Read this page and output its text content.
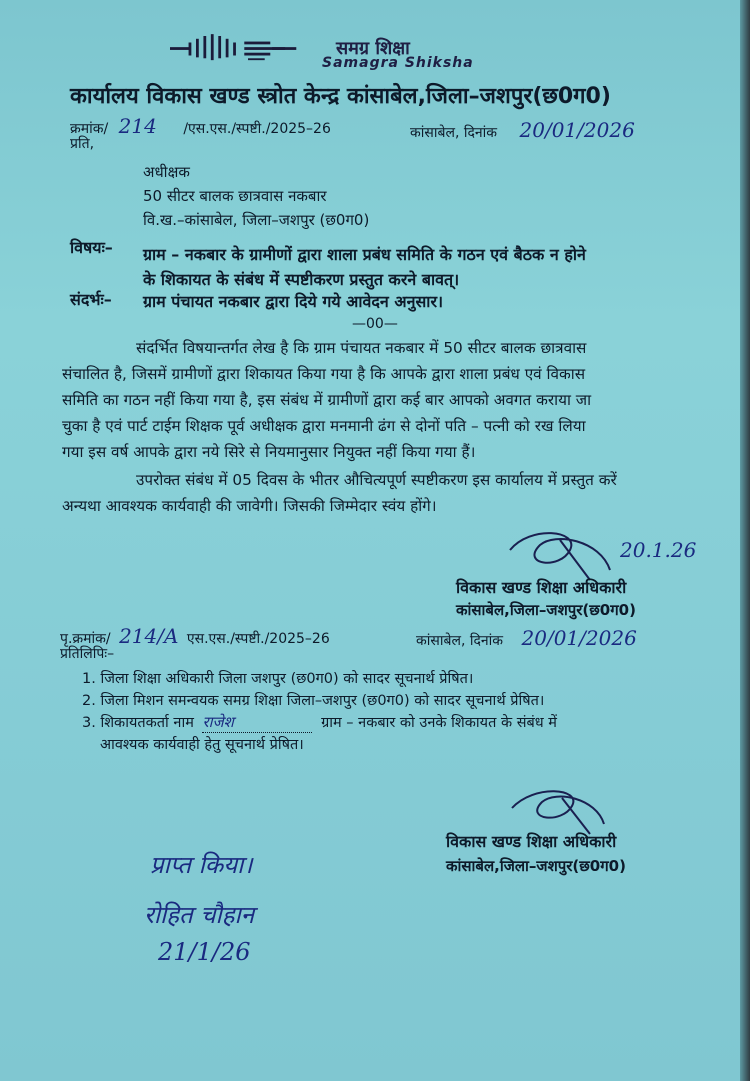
समग्र शिक्षा
Samagra Shiksha
कार्यालय विकास खण्ड स्त्रोत केन्द्र कांसाबेल,जिला–जशपुर(छ0ग0)
क्रमांक/ 214 /एस.एस./स्पष्टी./2025–26	कांसाबेल, दिनांक 20/01/2026
प्रति,
अधीक्षक
50 सीटर बालक छात्रवास नकबार
वि.ख.–कांसाबेल, जिला–जशपुर (छ0ग0)
विषयः– ग्राम – नकबार के ग्रामीणों द्वारा शाला प्रबंध समिति के गठन एवं बैठक न होने
के शिकायत के संबंध में स्पष्टीकरण प्रस्तुत करने बावत्।
संदर्भः– ग्राम पंचायत नकबार द्वारा दिये गये आवेदन अनुसार।
—00—
संदर्भित विषयान्तर्गत लेख है कि ग्राम पंचायत नकबार में 50 सीटर बालक छात्रवास
संचालित है, जिसमें ग्रामीणों द्वारा शिकायत किया गया है कि आपके द्वारा शाला प्रबंध एवं विकास
समिति का गठन नहीं किया गया है, इस संबंध में ग्रामीणों द्वारा कई बार आपको अवगत कराया जा
चुका है एवं पार्ट टाईम शिक्षक पूर्व अधीक्षक द्वारा मनमानी ढंग से दोनों पति – पत्नी को रख लिया
गया इस वर्ष आपके द्वारा नये सिरे से नियमानुसार नियुक्त नहीं किया गया हैं।
उपरोक्त संबंध में 05 दिवस के भीतर औचित्यपूर्ण स्पष्टीकरण इस कार्यालय में प्रस्तुत करें
अन्यथा आवश्यक कार्यवाही की जावेगी। जिसकी जिम्मेदार स्वंय होंगे।
20.1.26
विकास खण्ड शिक्षा अधिकारी
कांसाबेल,जिला–जशपुर(छ0ग0)
पृ.क्रमांक/ 214/A एस.एस./स्पष्टी./2025–26	कांसाबेल, दिनांक 20/01/2026
प्रतिलिपिः–
1. जिला शिक्षा अधिकारी जिला जशपुर (छ0ग0) को सादर सूचनार्थ प्रेषित।
2. जिला मिशन समन्वयक समग्र शिक्षा जिला–जशपुर (छ0ग0) को सादर सूचनार्थ प्रेषित।
3. शिकायतकर्ता नाम राजेश	ग्राम – नकबार को उनके शिकायत के संबंध में
आवश्यक कार्यवाही हेतु सूचनार्थ प्रेषित।
विकास खण्ड शिक्षा अधिकारी
कांसाबेल,जिला–जशपुर(छ0ग0)
प्राप्त किया।
रोहित चौहान
21/1/26
